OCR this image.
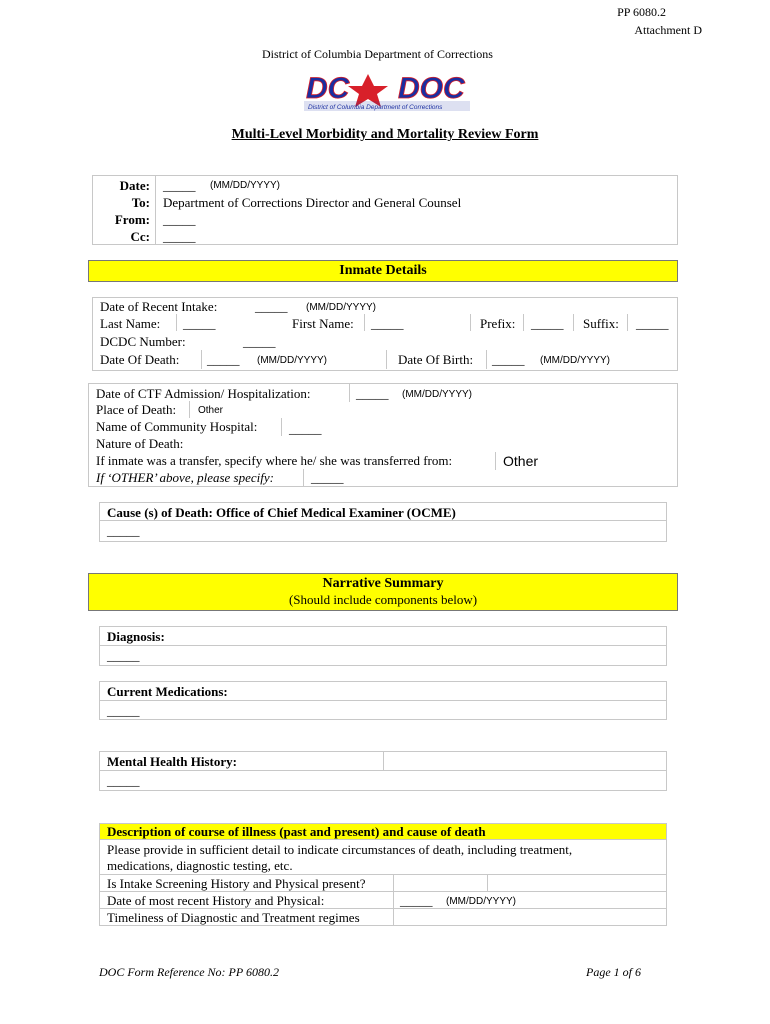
PP 6080.2
Attachment D
District of Columbia Department of Corrections
DC DOC
District of Columbia Department of Corrections
Multi-Level Morbidity and Mortality Review Form
Date: _____ (MM/DD/YYYY)
To: Department of Corrections Director and General Counsel
From: _____
Cc: _____
Inmate Details
Date of Recent Intake:	_____ (MM/DD/YYYY)
Last Name: _____	First Name: _____	Prefix: _____ Suffix: _____
DCDC Number:	_____
Date Of Death: _____ (MM/DD/YYYY)	Date Of Birth: _____ (MM/DD/YYYY)
Date of CTF Admission/ Hospitalization:	_____ (MM/DD/YYYY)
Place of Death: Other
Name of Community Hospital: _____
Nature of Death:
If inmate was a transfer, specify where he/ she was transferred from:	Other
If ‘OTHER’ above, please specify:	_____
Cause (s) of Death: Office of Chief Medical Examiner (OCME)
_____
Narrative Summary
(Should include components below)
Diagnosis:
_____
Current Medications:
_____
Mental Health History:
_____
Description of course of illness (past and present) and cause of death
Please provide in sufficient detail to indicate circumstances of death, including treatment,
medications, diagnostic testing, etc.
Is Intake Screening History and Physical present?
Date of most recent History and Physical:	_____ (MM/DD/YYYY)
Timeliness of Diagnostic and Treatment regimes
DOC Form Reference No: PP 6080.2	Page 1 of 6
